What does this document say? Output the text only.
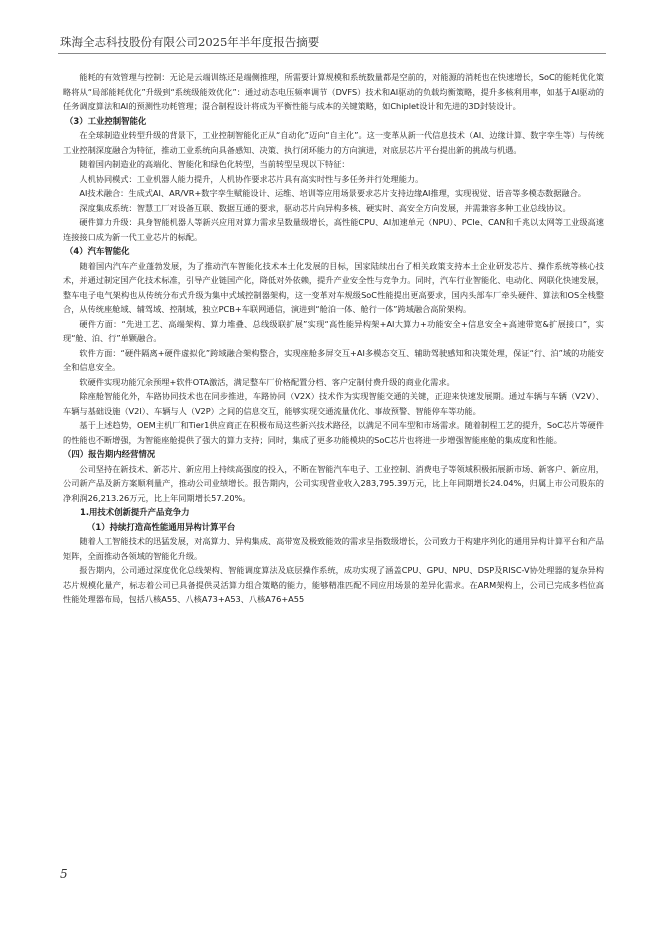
珠海全志科技股份有限公司2025年半年度报告摘要

能耗的有效管理与控制：无论是云端训练还是端侧推理，所需要计算规模和系统数量都是空前的，对能源的消耗也在快速增长，SoC的能耗优化策略将从“局部能耗优化”升级到“系统级能效优化”：通过动态电压频率调节（DVFS）技术和AI驱动的负载均衡策略，提升多核利用率，如基于AI驱动的任务调度算法和AI的预测性功耗管理；混合制程设计将成为平衡性能与成本的关键策略，如Chiplet设计和先进的3D封装设计。

（3）工业控制智能化

在全球制造业转型升级的背景下，工业控制智能化正从“自动化”迈向“自主化”。这一变革从新一代信息技术（AI、边缘计算、数字孪生等）与传统工业控制深度融合为特征，推动工业系统向具备感知、决策、执行闭环能力的方向演进，对底层芯片平台提出新的挑战与机遇。

随着国内制造业的高端化、智能化和绿色化转型，当前转型呈现以下特征：

人机协同模式：工业机器人能力提升，人机协作要求芯片具有高实时性与多任务并行处理能力。

AI技术融合：生成式AI、AR/VR+数字孪生赋能设计、运维、培训等应用场景要求芯片支持边缘AI推理，实现视觉、语音等多模态数据融合。

深度集成系统：智慧工厂对设备互联、数据互通的要求，驱动芯片向异构多核、硬实时、高安全方向发展，并需兼容多种工业总线协议。

硬件算力升级：具身智能机器人等新兴应用对算力需求呈数量级增长，高性能CPU、AI加速单元（NPU）、PCIe、CAN和千兆以太网等工业级高速连接接口成为新一代工业芯片的标配。

（4）汽车智能化

随着国内汽车产业蓬勃发展，为了推动汽车智能化技术本土化发展的目标，国家陆续出台了相关政策支持本土企业研发芯片、操作系统等核心技术，并通过制定国产化技术标准，引导产业链国产化，降低对外依赖，提升产业安全性与竞争力。同时，汽车行业智能化、电动化、网联化快速发展，整车电子电气架构也从传统分布式升级为集中式域控制器架构，这一变革对车规级SoC性能提出更高要求，国内头部车厂牵头硬件、算法和OS全栈整合，从传统座舱域、辅驾域、控制域，独立PCB+车联网通信，演进到“舱泊一体、舱行一体”跨域融合高阶架构。

硬件方面：“先进工艺、高端架构、算力堆叠、总线级联扩展”实现“高性能异构架+AI大算力+功能安全+信息安全+高速带宽&扩展接口”，实现“舱、泊、行”单颗融合。

软件方面：“硬件隔离+硬件虚拟化”跨域融合架构整合，实现座舱多屏交互+AI多模态交互、辅助驾驶感知和决策处理，保证“行、泊”域的功能安全和信息安全。

软硬件实现功能冗余预埋+软件OTA激活，满足整车厂价格配置分档、客户定制付费升级的商业化需求。

除座舱智能化外，车路协同技术也在同步推进，车路协同（V2X）技术作为实现智能交通的关键，正迎来快速发展期。通过车辆与车辆（V2V）、车辆与基础设施（V2I）、车辆与人（V2P）之间的信息交互，能够实现交通流量优化、事故预警、智能停车等功能。

基于上述趋势，OEM主机厂和Tier1供应商正在积极布局这些新兴技术路径，以满足不同车型和市场需求。随着制程工艺的提升，SoC芯片等硬件的性能也不断增强，为智能座舱提供了强大的算力支持；同时，集成了更多功能模块的SoC芯片也将进一步增强智能座舱的集成度和性能。

（四）报告期内经营情况

公司坚持在新技术、新芯片、新应用上持续高强度的投入，不断在智能汽车电子、工业控制、消费电子等领域积极拓展新市场、新客户、新应用，公司新产品及新方案顺利量产，推动公司业绩增长。报告期内，公司实现营业收入283,795.39万元，比上年同期增长24.04%，归属上市公司股东的净利润26,213.26万元，比上年同期增长57.20%。

1.用技术创新提升产品竞争力
（1）持续打造高性能通用异构计算平台

随着人工智能技术的迅猛发展，对高算力、异构集成、高带宽及极致能效的需求呈指数级增长，公司致力于构建序列化的通用异构计算平台和产品矩阵，全面推动各领域的智能化升级。

报告期内，公司通过深度优化总线架构、智能调度算法及底层操作系统，成功实现了涵盖CPU、GPU、NPU、DSP及RISC-V协处理器的复杂异构芯片规模化量产，标志着公司已具备提供灵活算力组合策略的能力，能够精准匹配不同应用场景的差异化需求。在ARM架构上，公司已完成多档位高性能处理器布局，包括八核A55、八核A73+A53、八核A76+A55

5
